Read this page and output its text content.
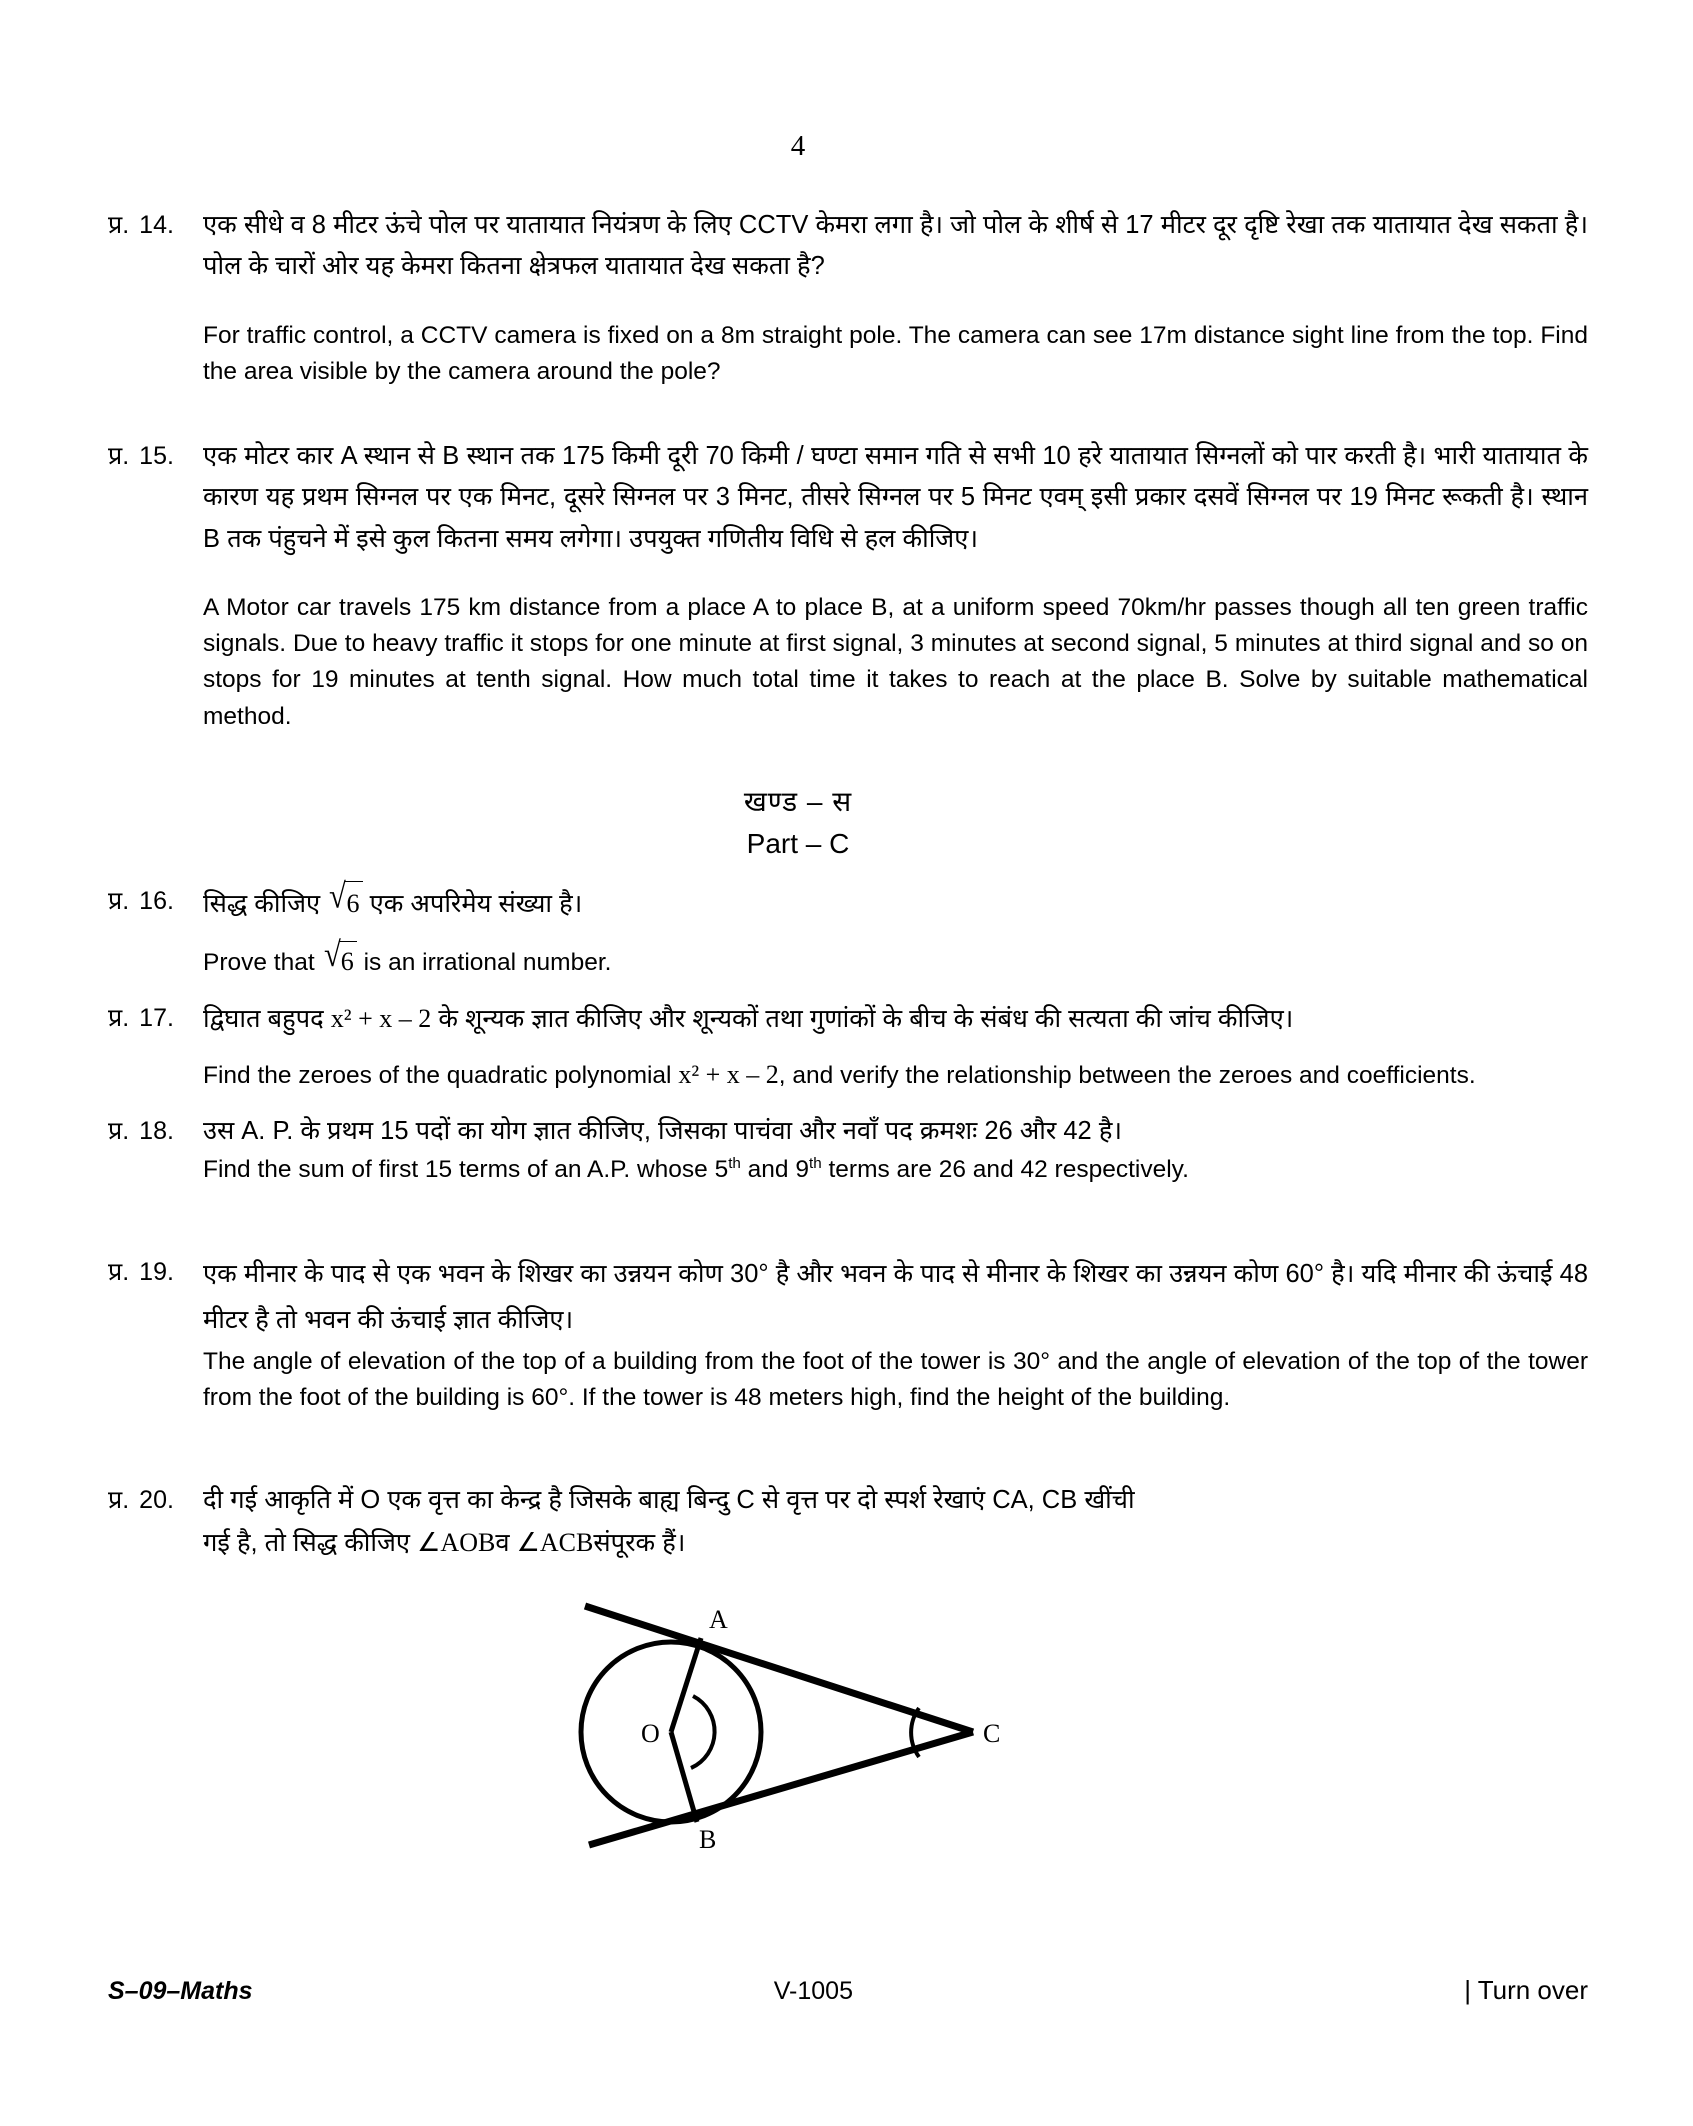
4
प्र. 14.	एक सीधे व 8 मीटर ऊंचे पोल पर यातायात नियंत्रण के लिए CCTV केमरा लगा है। जो पोल के शीर्ष से 17 मीटर दूर दृष्टि रेखा तक यातायात देख सकता है। पोल के चारों ओर यह केमरा कितना क्षेत्रफल यातायात देख सकता है?

For traffic control, a CCTV camera is fixed on a 8m straight pole. The camera can see 17m distance sight line from the top. Find the area visible by the camera around the pole?

प्र. 15.	एक मोटर कार A स्थान से B स्थान तक 175 किमी दूरी 70 किमी / घण्टा समान गति से सभी 10 हरे यातायात सिग्नलों को पार करती है। भारी यातायात के कारण यह प्रथम सिग्नल पर एक मिनट, दूसरे सिग्नल पर 3 मिनट, तीसरे सिग्नल पर 5 मिनट एवम् इसी प्रकार दसवें सिग्नल पर 19 मिनट रूकती है। स्थान B तक पंहुचने में इसे कुल कितना समय लगेगा। उपयुक्त गणितीय विधि से हल कीजिए।

A Motor car travels 175 km distance from a place A to place B, at a uniform speed 70km/hr passes though all ten green traffic signals. Due to heavy traffic it stops for one minute at first signal, 3 minutes at second signal, 5 minutes at third signal and so on stops for 19 minutes at tenth signal. How much total time it takes to reach at the place B. Solve by suitable mathematical method.

खण्ड – स
Part – C
प्र. 16.	सिद्ध कीजिए √6 एक अपरिमेय संख्या है।

Prove that √6 is an irrational number.

प्र. 17.	द्विघात बहुपद x² + x – 2 के शून्यक ज्ञात कीजिए और शून्यकों तथा गुणांकों के बीच के संबंध की सत्यता की जांच कीजिए।

Find the zeroes of the quadratic polynomial x² + x – 2, and verify the relationship between the zeroes and coefficients.

प्र. 18.	उस A. P. के प्रथम 15 पदों का योग ज्ञात कीजिए, जिसका पाचंवा और नवाँ पद क्रमशः 26 और 42 है।

Find the sum of first 15 terms of an A.P. whose 5th and 9th terms are 26 and 42 respectively.

प्र. 19.	एक मीनार के पाद से एक भवन के शिखर का उन्नयन कोण 30° है और भवन के पाद से मीनार के शिखर का उन्नयन कोण 60° है। यदि मीनार की ऊंचाई 48 मीटर है तो भवन की ऊंचाई ज्ञात कीजिए।

The angle of elevation of the top of a building from the foot of the tower is 30° and the angle of elevation of the top of the tower from the foot of the building is 60°. If the tower is 48 meters high, find the height of the building.

प्र. 20.	दी गई आकृति में O एक वृत्त का केन्द्र है जिसके बाह्य बिन्दु C से वृत्त पर दो स्पर्श रेखाएं CA, CB खींची

गई है, तो सिद्ध कीजिए ∠AOBव ∠ACBसंपूरक हैं।

A
B
O	C
S–09–Maths	V-1005	| Turn over
